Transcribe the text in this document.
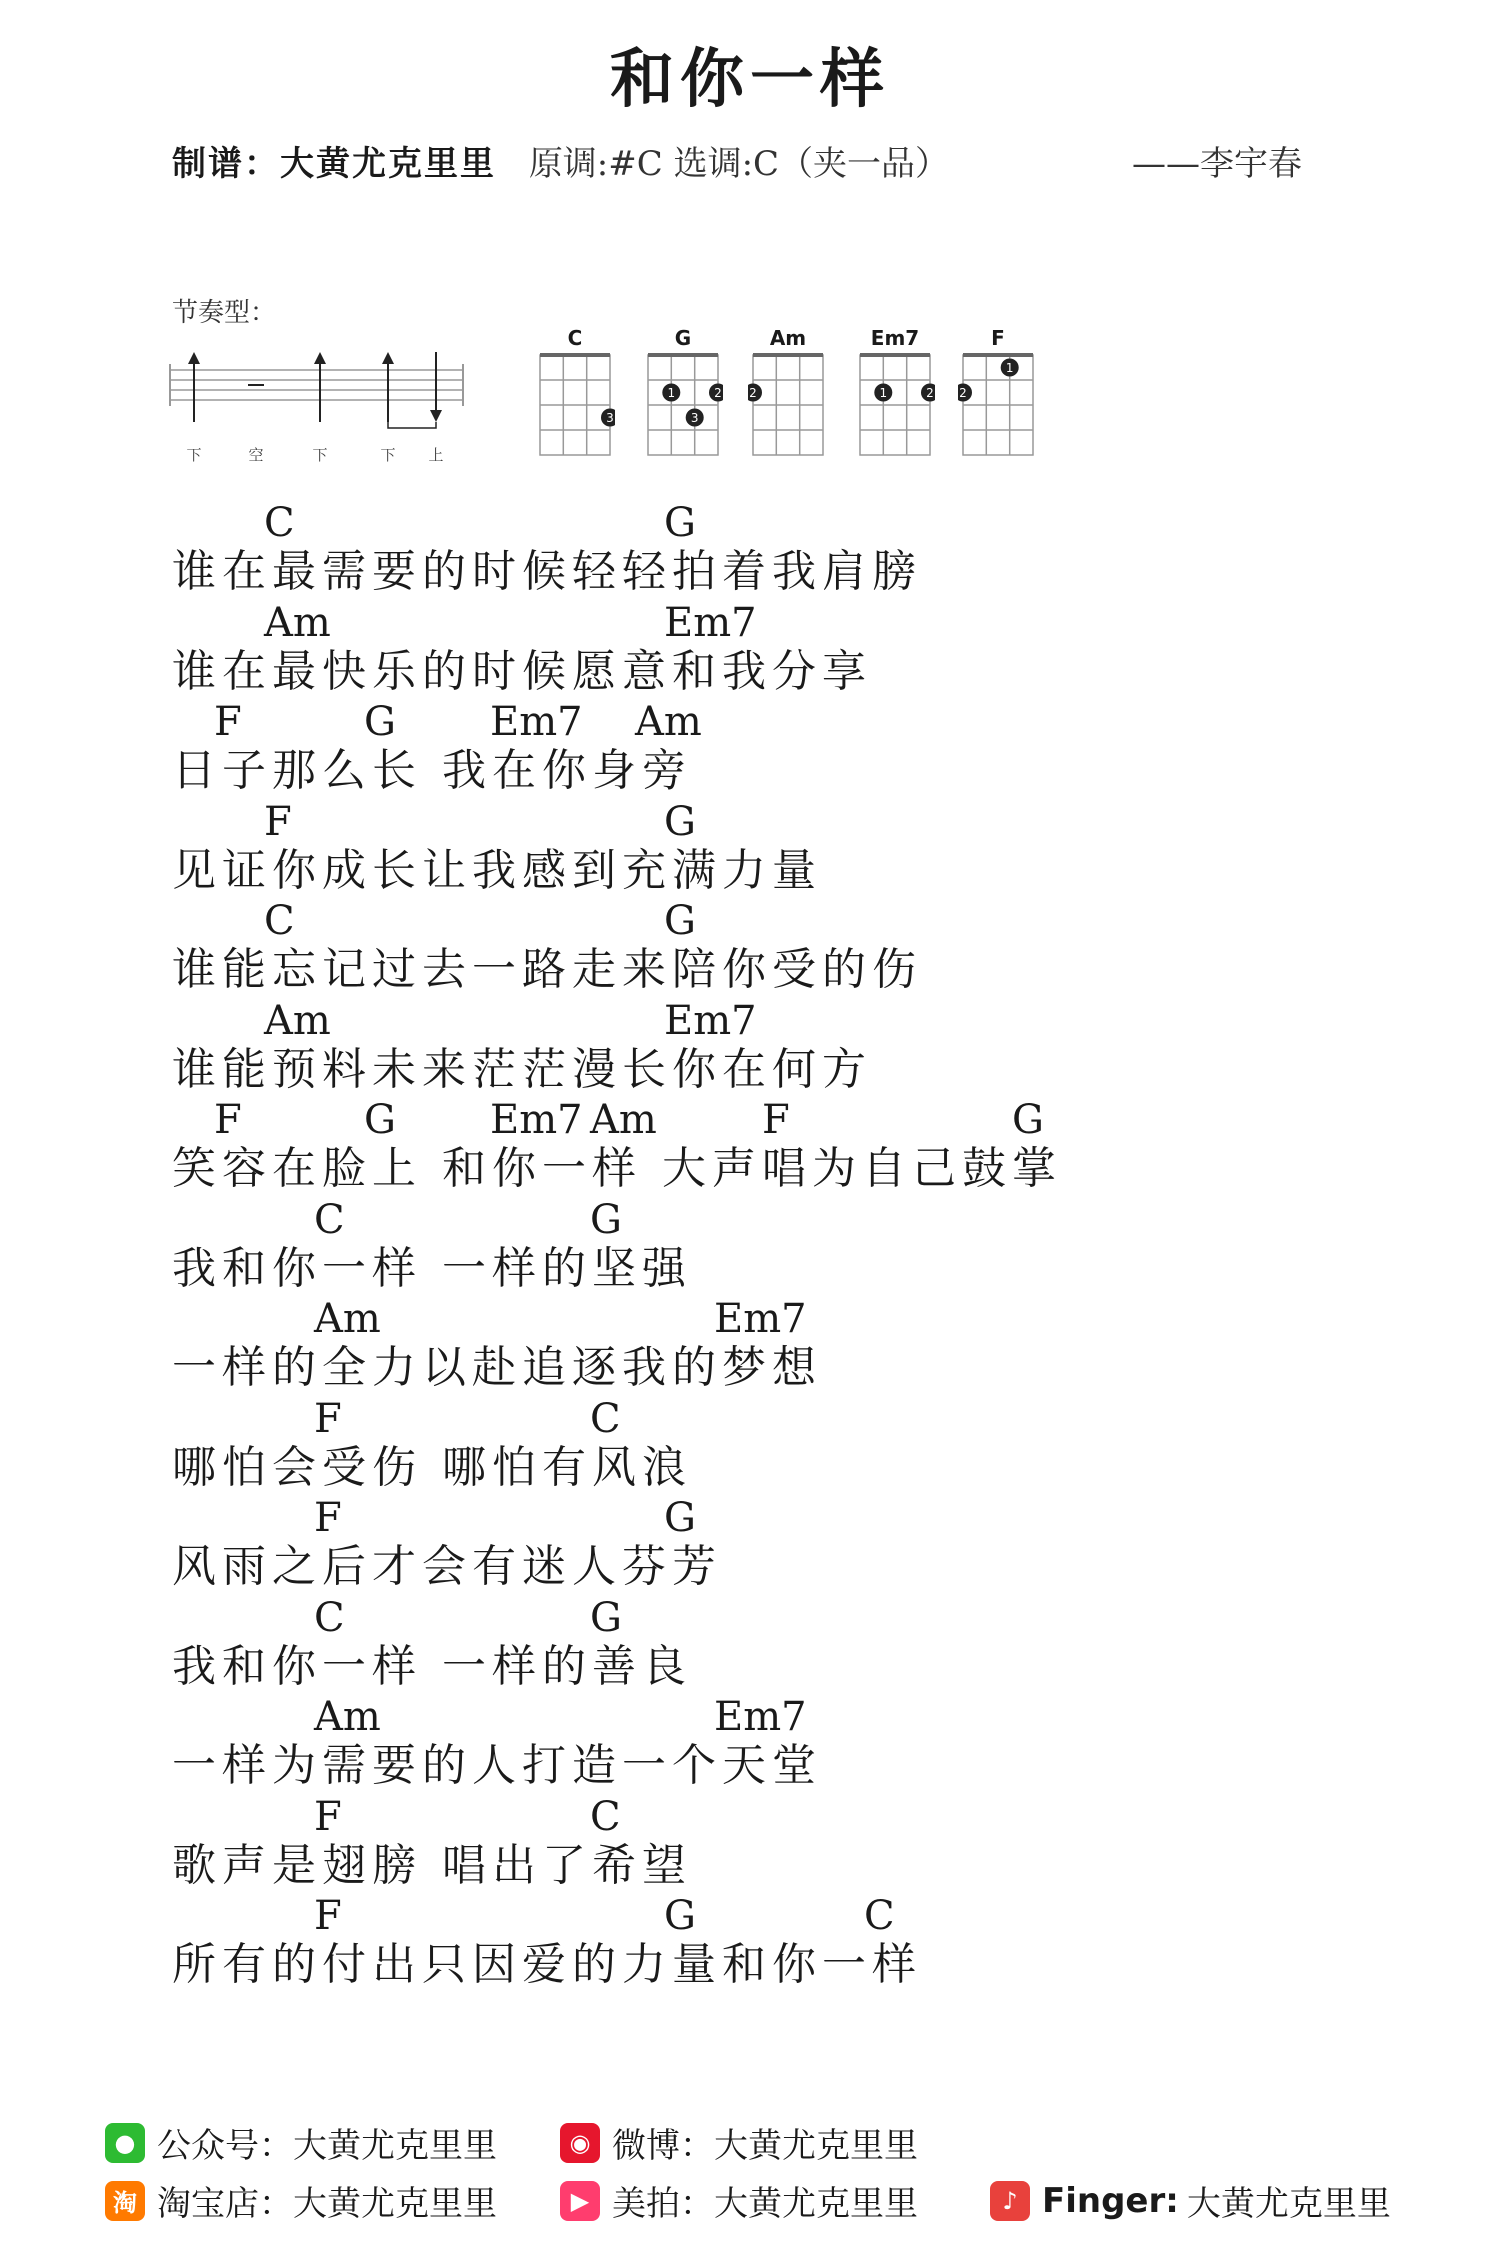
和你一样
制谱：大黄尤克里里 原调:#C 选调:C（夹一品）	——李宇春
节奏型：
下	空	下	下 上
C
3
G
1	2
3
Am
2
Em7
1	2
F
1
2
C	G
谁在最需要的时候轻轻拍着我肩膀
Am	Em7
谁在最快乐的时候愿意和我分享
F	G Em7 Am
日子那么长 我在你身旁
F	G
见证你成长让我感到充满力量
C	G
谁能忘记过去一路走来陪你受的伤
Am	Em7
谁能预料未来茫茫漫长你在何方
F	G Em7 Am	F	G
笑容在脸上 和你一样 大声唱为自己鼓掌
C	G
我和你一样 一样的坚强
Am	Em7
一样的全力以赴追逐我的梦想
F	C
哪怕会受伤 哪怕有风浪
F	G
风雨之后才会有迷人芬芳
C	G
我和你一样 一样的善良
Am	Em7
一样为需要的人打造一个天堂
F	C
歌声是翅膀 唱出了希望
F	G	C
所有的付出只因爱的力量和你一样
● 公众号：大黄尤克里里	◉ 微博：大黄尤克里里
淘 淘宝店：大黄尤克里里	▶ 美拍：大黄尤克里里	♪ Finger: 大黄尤克里里
